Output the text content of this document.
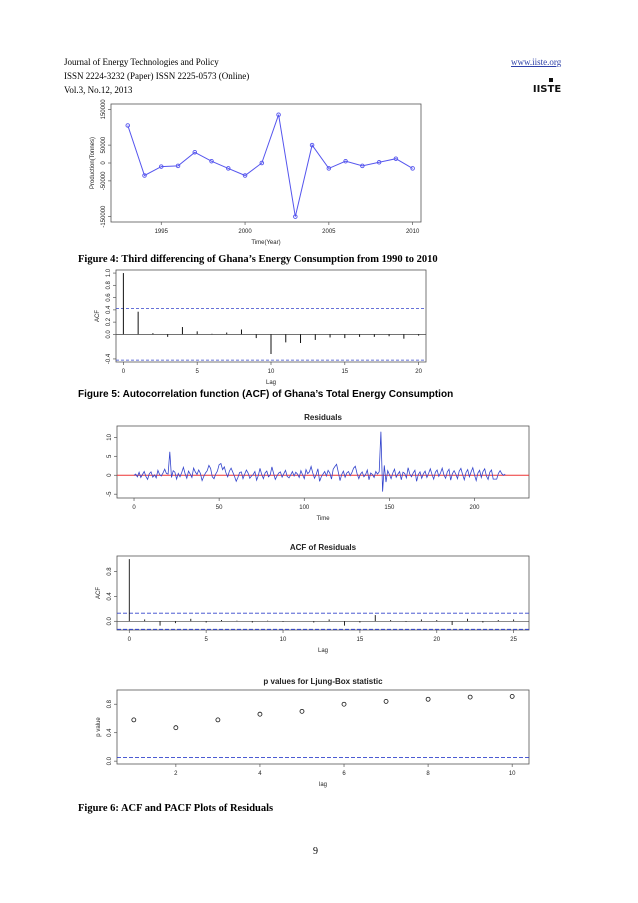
Journal of Energy Technologies and Policy
ISSN 2224-3232 (Paper) ISSN 2225-0573 (Online)
Vol.3, No.12, 2013
www.iiste.org
IISTE
1995	2000	2005	2010
-150000
-50000
0
50000
150000
Time(Year)
Production(Tonnes)
Figure 4: Third differencing of Ghana’s Energy Consumption from 1990 to 2010
0	5	10	15	20
-0.4
0.0
0.2
0.4
0.6
0.8
1.0
Lag
ACF
Figure 5: Autocorrelation function (ACF) of Ghana’s Total Energy Consumption
0	50	100	150	200
-5
0
5
10
Time
Residuals
0	5	10	15	20	25
0.0
0.4
0.8
Lag
ACF
ACF of Residuals
2	4	6	8	10
0.0
0.4
0.8
lag
p value
p values for Ljung-Box statistic
Figure 6: ACF and PACF Plots of Residuals
9
